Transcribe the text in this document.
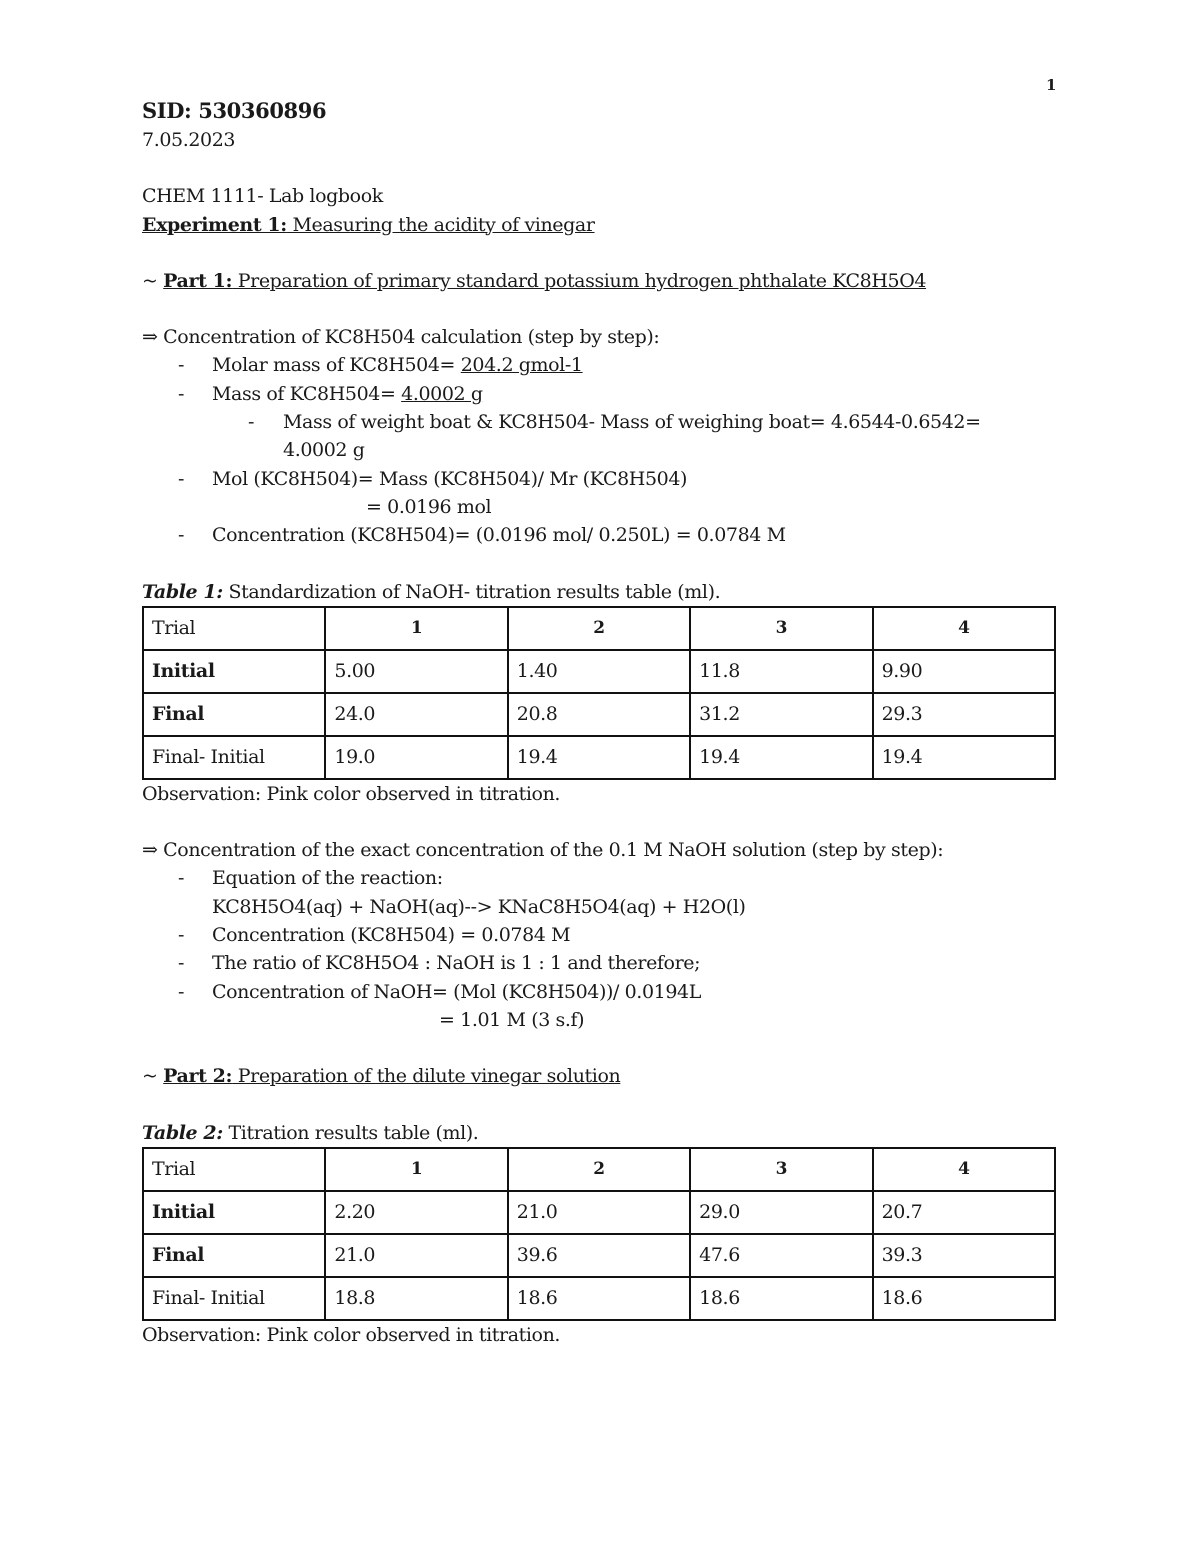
1
SID: 530360896
7.05.2023
CHEM 1111- Lab logbook
Experiment 1: Measuring the acidity of vinegar
~ Part 1: Preparation of primary standard potassium hydrogen phthalate KC8H5O4
⇒ Concentration of KC8H504 calculation (step by step):
- Molar mass of KC8H504= 204.2 gmol-1
- Mass of KC8H504= 4.0002 g
- Mass of weight boat & KC8H504- Mass of weighing boat= 4.6544-0.6542=
4.0002 g
- Mol (KC8H504)= Mass (KC8H504)/ Mr (KC8H504)
= 0.0196 mol
- Concentration (KC8H504)= (0.0196 mol/ 0.250L) = 0.0784 M
Table 1: Standardization of NaOH- titration results table (ml).
Trial	1	2	3	4
Initial	5.00	1.40	11.8	9.90
Final	24.0	20.8	31.2	29.3
Final- Initial	19.0	19.4	19.4	19.4
Observation: Pink color observed in titration.
⇒ Concentration of the exact concentration of the 0.1 M NaOH solution (step by step):
- Equation of the reaction:
KC8H5O4(aq) + NaOH(aq)--> KNaC8H5O4(aq) + H2O(l)
- Concentration (KC8H504) = 0.0784 M
- The ratio of KC8H5O4 : NaOH is 1 : 1 and therefore;
- Concentration of NaOH= (Mol (KC8H504))/ 0.0194L
= 1.01 M (3 s.f)
~ Part 2: Preparation of the dilute vinegar solution
Table 2: Titration results table (ml).
Trial	1	2	3	4
Initial	2.20	21.0	29.0	20.7
Final	21.0	39.6	47.6	39.3
Final- Initial	18.8	18.6	18.6	18.6
Observation: Pink color observed in titration.
